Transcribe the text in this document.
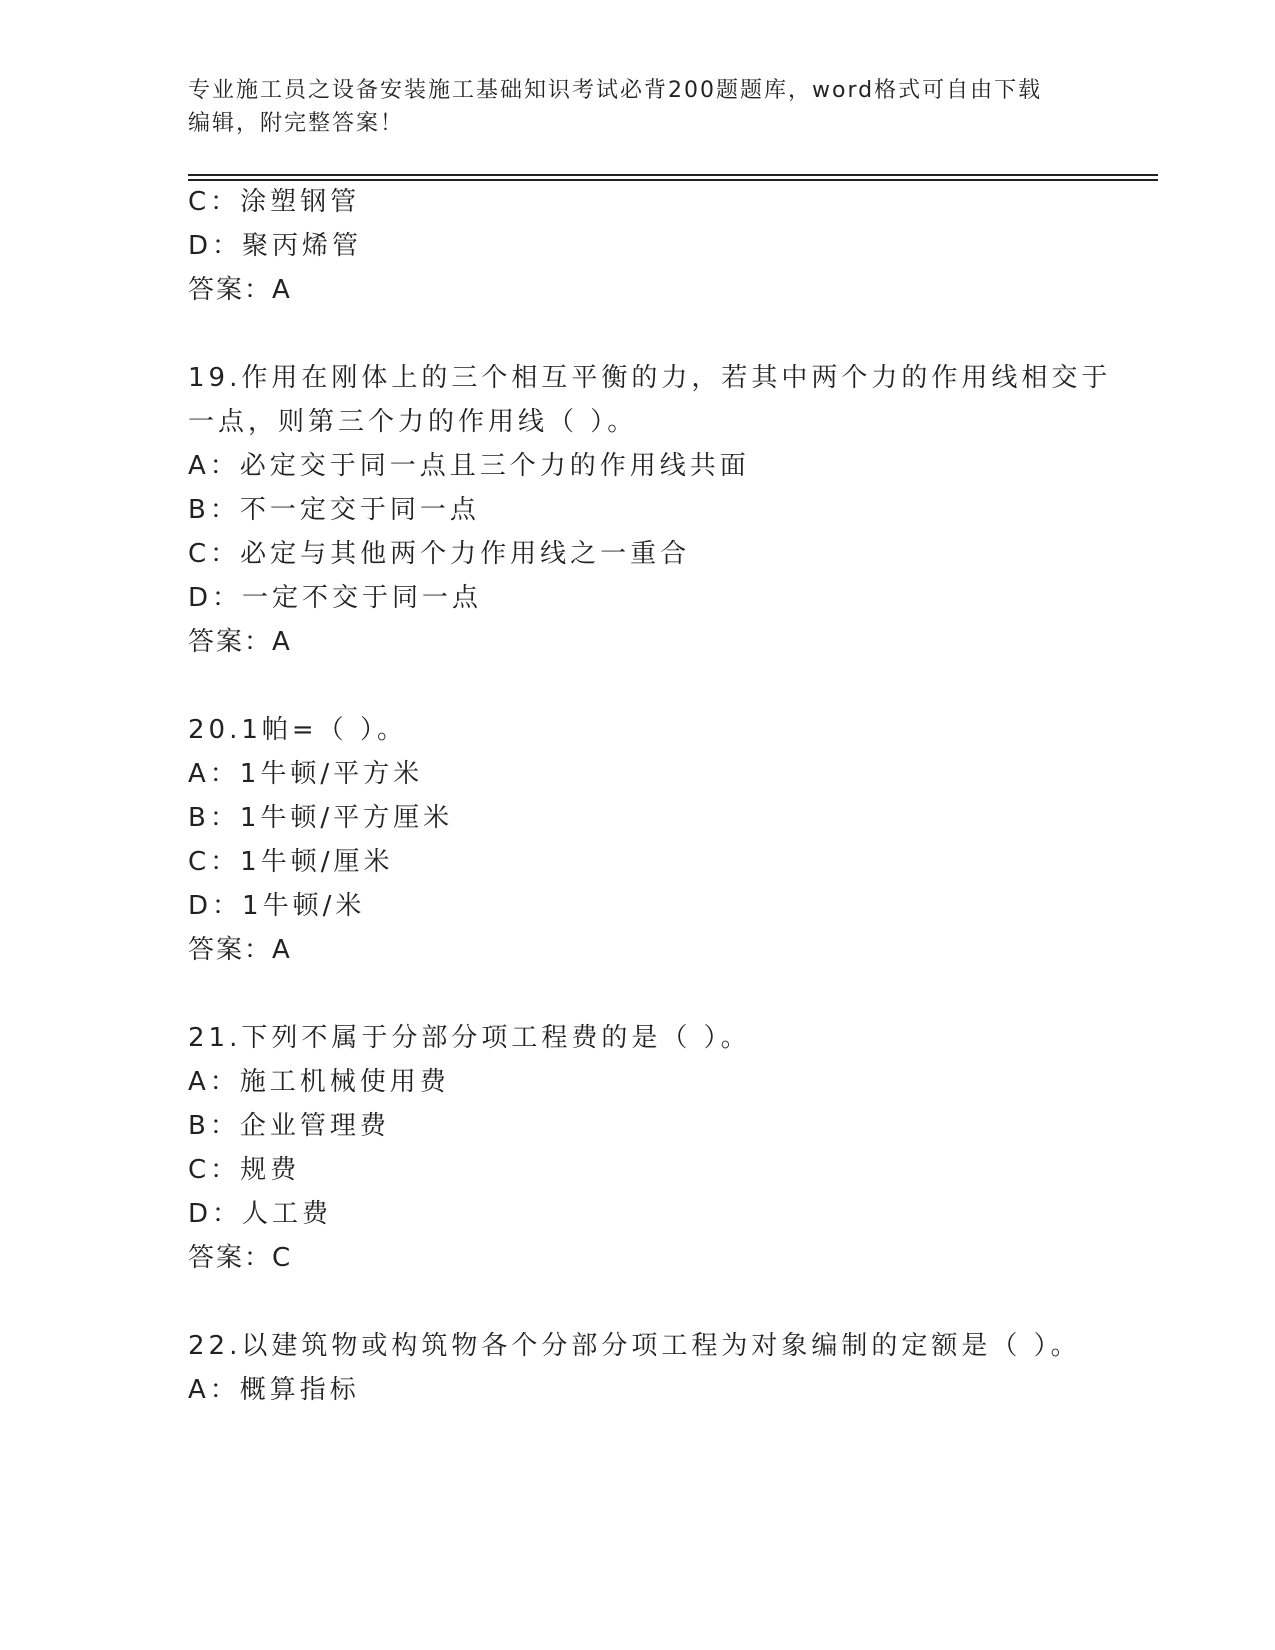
专业施工员之设备安装施工基础知识考试必背200题题库，word格式可自由下载
编辑，附完整答案！
C：涂塑钢管
D：聚丙烯管
答案：A
19.作用在刚体上的三个相互平衡的力，若其中两个力的作用线相交于
一点，则第三个力的作用线（ ）。
A：必定交于同一点且三个力的作用线共面
B：不一定交于同一点
C：必定与其他两个力作用线之一重合
D：一定不交于同一点
答案：A
20.1帕=（ ）。
A：1牛顿/平方米
B：1牛顿/平方厘米
C：1牛顿/厘米
D：1牛顿/米
答案：A
21.下列不属于分部分项工程费的是（ ）。
A：施工机械使用费
B：企业管理费
C：规费
D：人工费
答案：C
22.以建筑物或构筑物各个分部分项工程为对象编制的定额是（ ）。
A：概算指标
